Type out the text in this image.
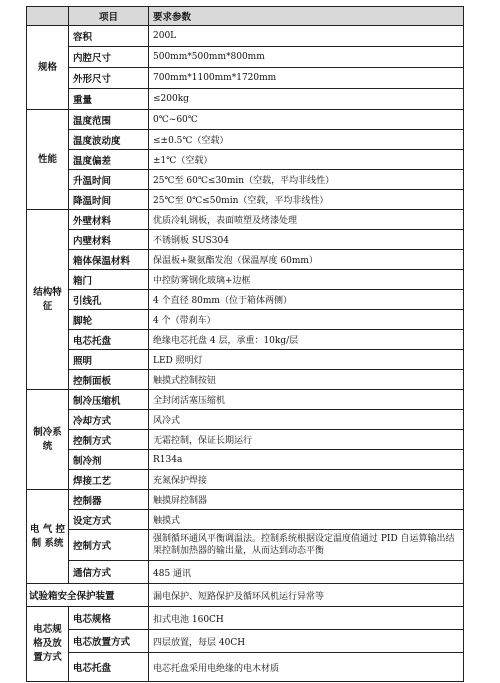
	项目	要求参数
规格	容积	200L
	内腔尺寸	500mm*500mm*800mm
	外形尺寸	700mm*1100mm*1720mm
	重量	≤200kg
性能	温度范围	0℃~60℃
	温度波动度	≤±0.5℃（空载）
	温度偏差	±1℃（空载）
	升温时间	25℃至 60℃≤30min（空载，平均非线性）
	降温时间	25℃至 0℃≤50min（空载，平均非线性）
结构特征	外壁材料	优质冷轧钢板，表面喷塑及烤漆处理
	内壁材料	不锈钢板 SUS304
	箱体保温材料	保温板+聚氨酯发泡（保温厚度 60mm）
	箱门	中控防雾钢化玻璃+边框
	引线孔	4 个直径 80mm（位于箱体两侧）
	脚轮	4 个（带刹车）
	电芯托盘	绝缘电芯托盘 4 层，承重：10kg/层
	照明	LED 照明灯
	控制面板	触摸式控制按钮
制冷系统	制冷压缩机	全封闭活塞压缩机
	冷却方式	风冷式
	控制方式	无霜控制，保证长期运行
	制冷剂	R134a
	焊接工艺	充氮保护焊接
电 气 控 制 系统	控制器	触摸屏控制器
	设定方式	触摸式
	控制方式	强制循环通风平衡调温法。控制系统根据设定温度值通过 PID 自运算输出结果控制加热器的输出量，从而达到动态平衡
	通信方式	485 通讯
试验箱安全保护装置		漏电保护、短路保护及循环风机运行异常等
电芯规格及放置方式	电芯规格	扣式电池 160CH
	电芯放置方式	四层放置，每层 40CH
	电芯托盘	电芯托盘采用电绝缘的电木材质
